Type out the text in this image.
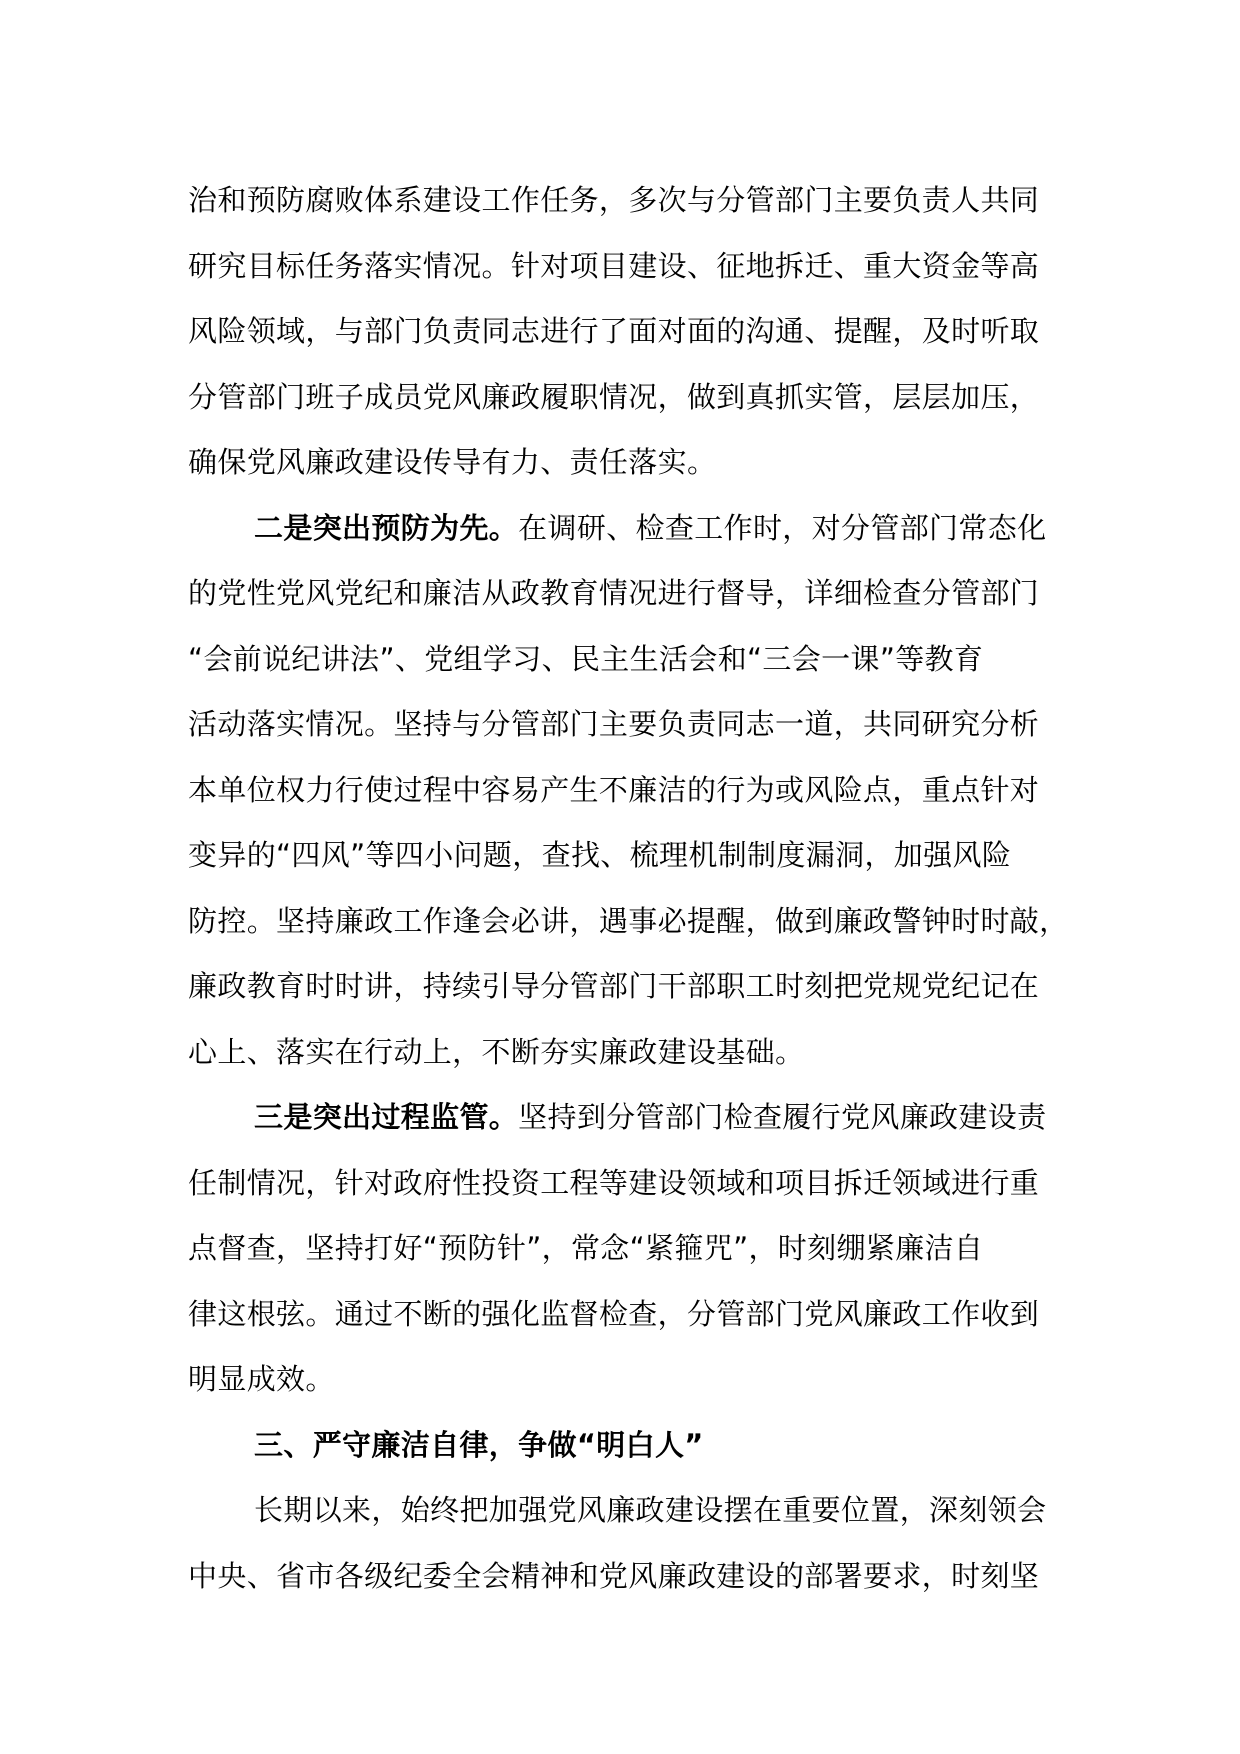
治和预防腐败体系建设工作任务，多次与分管部门主要负责人共同
研究目标任务落实情况。针对项目建设、征地拆迁、重大资金等高
风险领域，与部门负责同志进行了面对面的沟通、提醒，及时听取
分管部门班子成员党风廉政履职情况，做到真抓实管，层层加压，
确保党风廉政建设传导有力、责任落实。
二是突出预防为先。在调研、检查工作时，对分管部门常态化
的党性党风党纪和廉洁从政教育情况进行督导，详细检查分管部门
“会前说纪讲法”、党组学习、民主生活会和“三会一课”等教育
活动落实情况。坚持与分管部门主要负责同志一道，共同研究分析
本单位权力行使过程中容易产生不廉洁的行为或风险点，重点针对
变异的“四风”等四小问题，查找、梳理机制制度漏洞，加强风险
防控。坚持廉政工作逢会必讲，遇事必提醒，做到廉政警钟时时敲，
廉政教育时时讲，持续引导分管部门干部职工时刻把党规党纪记在
心上、落实在行动上，不断夯实廉政建设基础。
三是突出过程监管。坚持到分管部门检查履行党风廉政建设责
任制情况，针对政府性投资工程等建设领域和项目拆迁领域进行重
点督查，坚持打好“预防针”，常念“紧箍咒”，时刻绷紧廉洁自
律这根弦。通过不断的强化监督检查，分管部门党风廉政工作收到
明显成效。
三、严守廉洁自律，争做“明白人”
长期以来，始终把加强党风廉政建设摆在重要位置，深刻领会
中央、省市各级纪委全会精神和党风廉政建设的部署要求，时刻坚
